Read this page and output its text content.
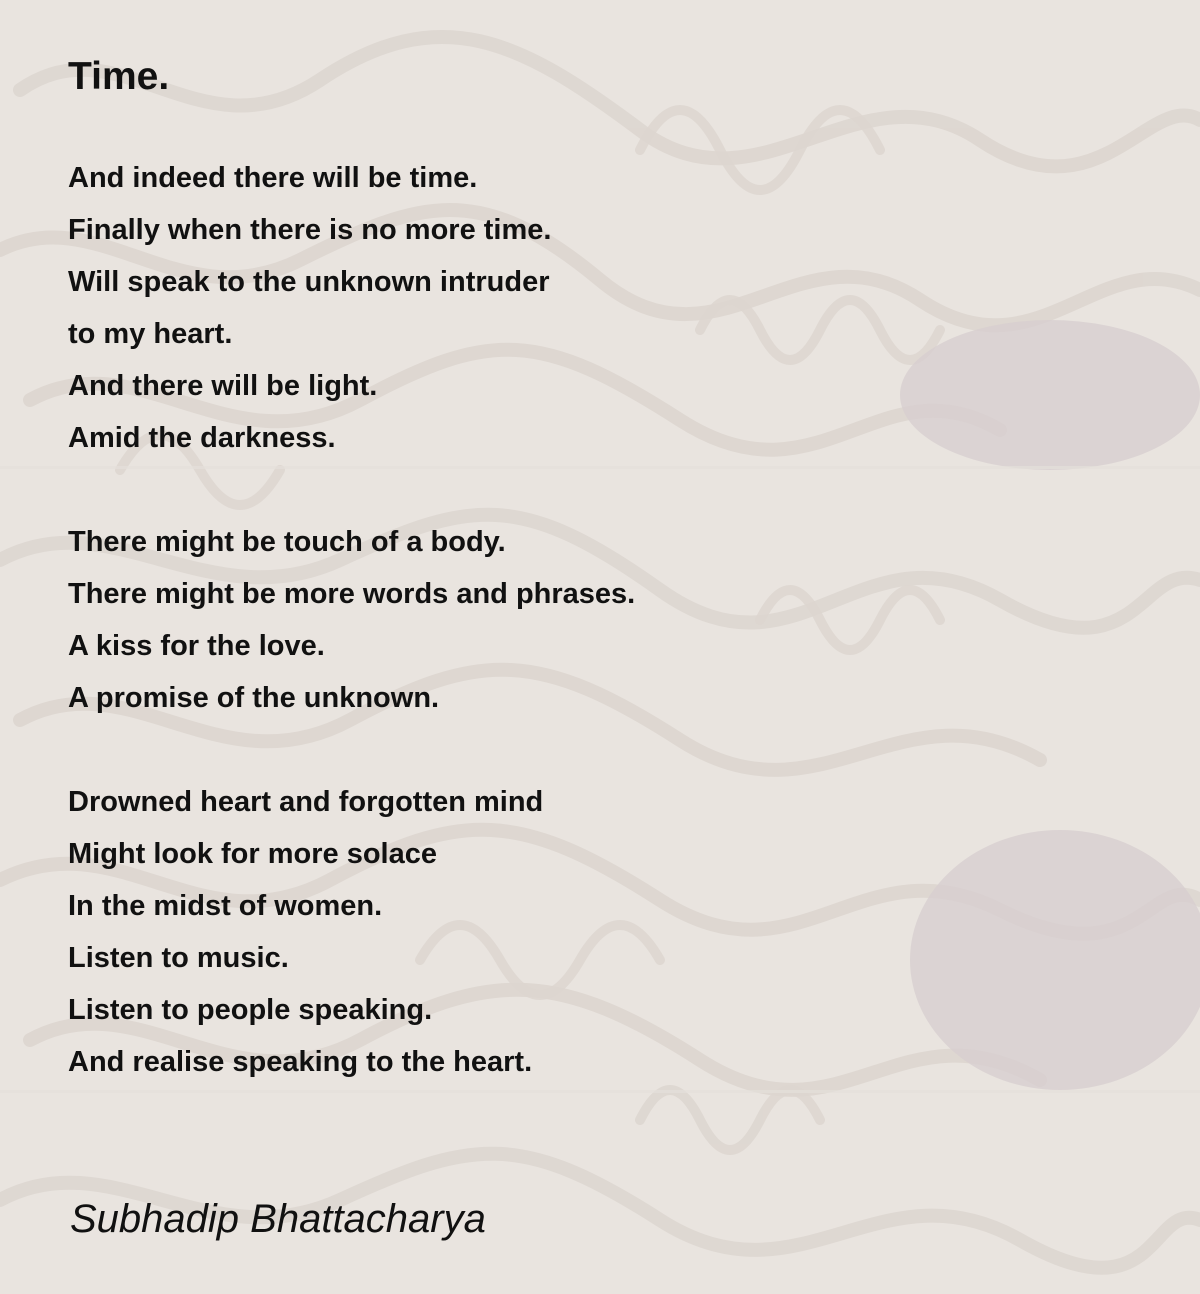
Time.
And indeed there will be time.
Finally when there is no more time.
Will speak to the unknown intruder
to my heart.
And there will be light.
Amid the darkness.
There might be touch of a body.
There might be more words and phrases.
A kiss for the love.
A promise of the unknown.
Drowned heart and forgotten mind
Might look for more solace
In the midst of women.
Listen to music.
Listen to people speaking.
And realise speaking to the heart.

Subhadip Bhattacharya
